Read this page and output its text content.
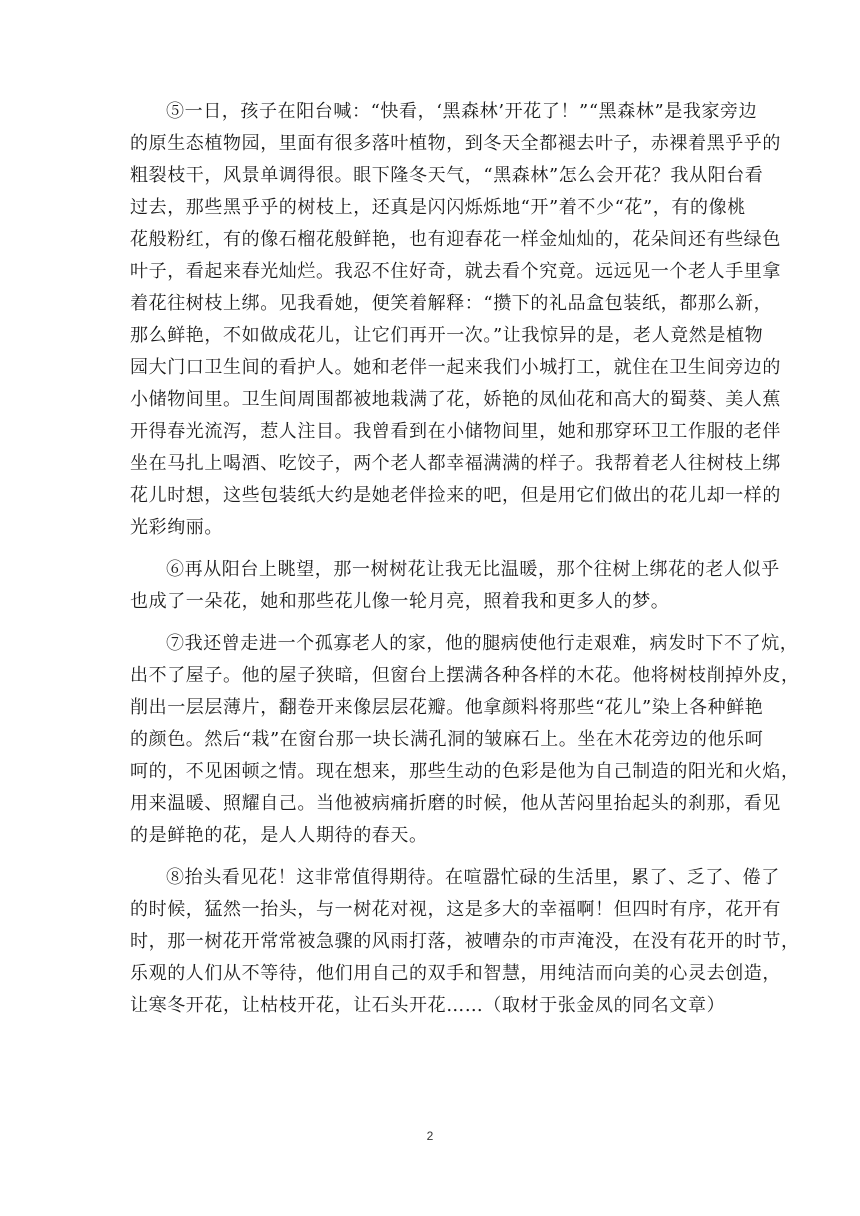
⑤一日，孩子在阳台喊：“快看，‘黑森林’开花了！”“黑森林”是我家旁边
的原生态植物园，里面有很多落叶植物，到冬天全都褪去叶子，赤裸着黑乎乎的
粗裂枝干，风景单调得很。眼下隆冬天气，“黑森林”怎么会开花？我从阳台看
过去，那些黑乎乎的树枝上，还真是闪闪烁烁地“开”着不少“花”，有的像桃
花般粉红，有的像石榴花般鲜艳，也有迎春花一样金灿灿的，花朵间还有些绿色
叶子，看起来春光灿烂。我忍不住好奇，就去看个究竟。远远见一个老人手里拿
着花往树枝上绑。见我看她，便笑着解释：“攒下的礼品盒包装纸，都那么新，
那么鲜艳，不如做成花儿，让它们再开一次。”让我惊异的是，老人竟然是植物
园大门口卫生间的看护人。她和老伴一起来我们小城打工，就住在卫生间旁边的
小储物间里。卫生间周围都被地栽满了花，娇艳的凤仙花和高大的蜀葵、美人蕉
开得春光流泻，惹人注目。我曾看到在小储物间里，她和那穿环卫工作服的老伴
坐在马扎上喝酒、吃饺子，两个老人都幸福满满的样子。我帮着老人往树枝上绑
花儿时想，这些包装纸大约是她老伴捡来的吧，但是用它们做出的花儿却一样的
光彩绚丽。
⑥再从阳台上眺望，那一树树花让我无比温暖，那个往树上绑花的老人似乎
也成了一朵花，她和那些花儿像一轮月亮，照着我和更多人的梦。
⑦我还曾走进一个孤寡老人的家，他的腿病使他行走艰难，病发时下不了炕，
出不了屋子。他的屋子狭暗，但窗台上摆满各种各样的木花。他将树枝削掉外皮，
削出一层层薄片，翻卷开来像层层花瓣。他拿颜料将那些“花儿”染上各种鲜艳
的颜色。然后“栽”在窗台那一块长满孔洞的皱麻石上。坐在木花旁边的他乐呵
呵的，不见困顿之情。现在想来，那些生动的色彩是他为自己制造的阳光和火焰，
用来温暖、照耀自己。当他被病痛折磨的时候，他从苦闷里抬起头的刹那，看见
的是鲜艳的花，是人人期待的春天。
⑧抬头看见花！这非常值得期待。在喧嚣忙碌的生活里，累了、乏了、倦了
的时候，猛然一抬头，与一树花对视，这是多大的幸福啊！但四时有序，花开有
时，那一树花开常常被急骤的风雨打落，被嘈杂的市声淹没，在没有花开的时节，
乐观的人们从不等待，他们用自己的双手和智慧，用纯洁而向美的心灵去创造，
让寒冬开花，让枯枝开花，让石头开花……（取材于张金凤的同名文章）
2
